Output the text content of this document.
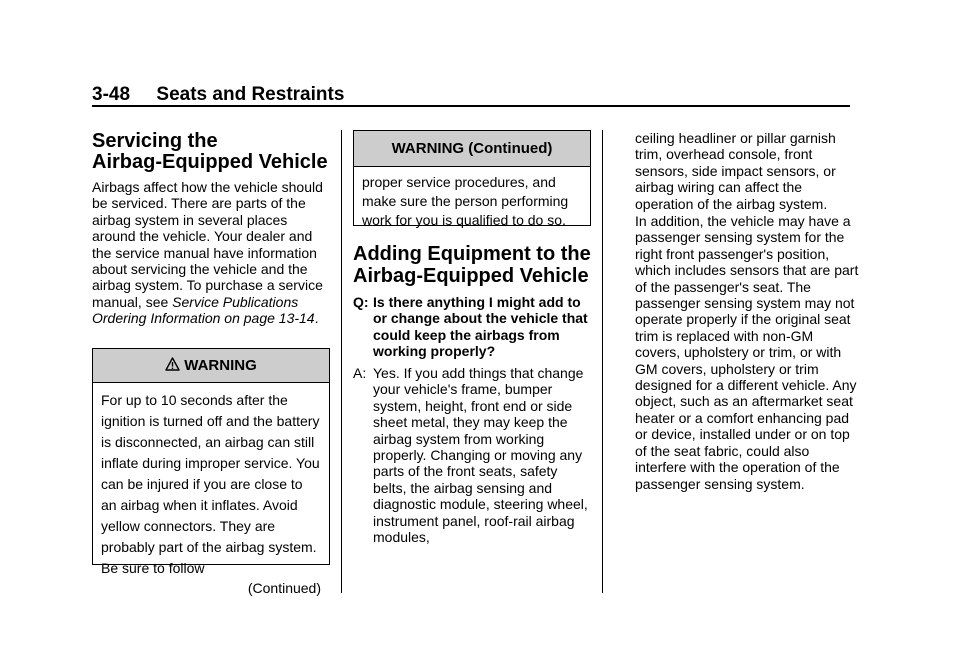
3-48     Seats and Restraints
Servicing the
Airbag-Equipped Vehicle

Airbags affect how the vehicle should be serviced. There are parts of the airbag system in several places around the vehicle. Your dealer and the service manual have information about servicing the vehicle and the airbag system. To purchase a service manual, see Service Publications Ordering Information on page 13-14.

WARNING
For up to 10 seconds after the ignition is turned off and the battery is disconnected, an airbag can still inflate during improper service. You can be injured if you are close to an airbag when it inflates. Avoid yellow connectors. They are probably part of the airbag system. Be sure to follow
(Continued)
WARNING (Continued)
proper service procedures, and make sure the person performing work for you is qualified to do so.
Adding Equipment to the
Airbag-Equipped Vehicle
Q: Is there anything I might add to or change about the vehicle that could keep the airbags from working properly?

A: Yes. If you add things that change your vehicle's frame, bumper system, height, front end or side sheet metal, they may keep the airbag system from working properly. Changing or moving any parts of the front seats, safety belts, the airbag sensing and diagnostic module, steering wheel, instrument panel, roof-rail airbag modules,

ceiling headliner or pillar garnish trim, overhead console, front sensors, side impact sensors, or airbag wiring can affect the operation of the airbag system.

In addition, the vehicle may have a passenger sensing system for the right front passenger's position, which includes sensors that are part of the passenger's seat. The passenger sensing system may not operate properly if the original seat trim is replaced with non-GM covers, upholstery or trim, or with GM covers, upholstery or trim designed for a different vehicle. Any object, such as an aftermarket seat heater or a comfort enhancing pad or device, installed under or on top of the seat fabric, could also interfere with the operation of the passenger sensing system.
